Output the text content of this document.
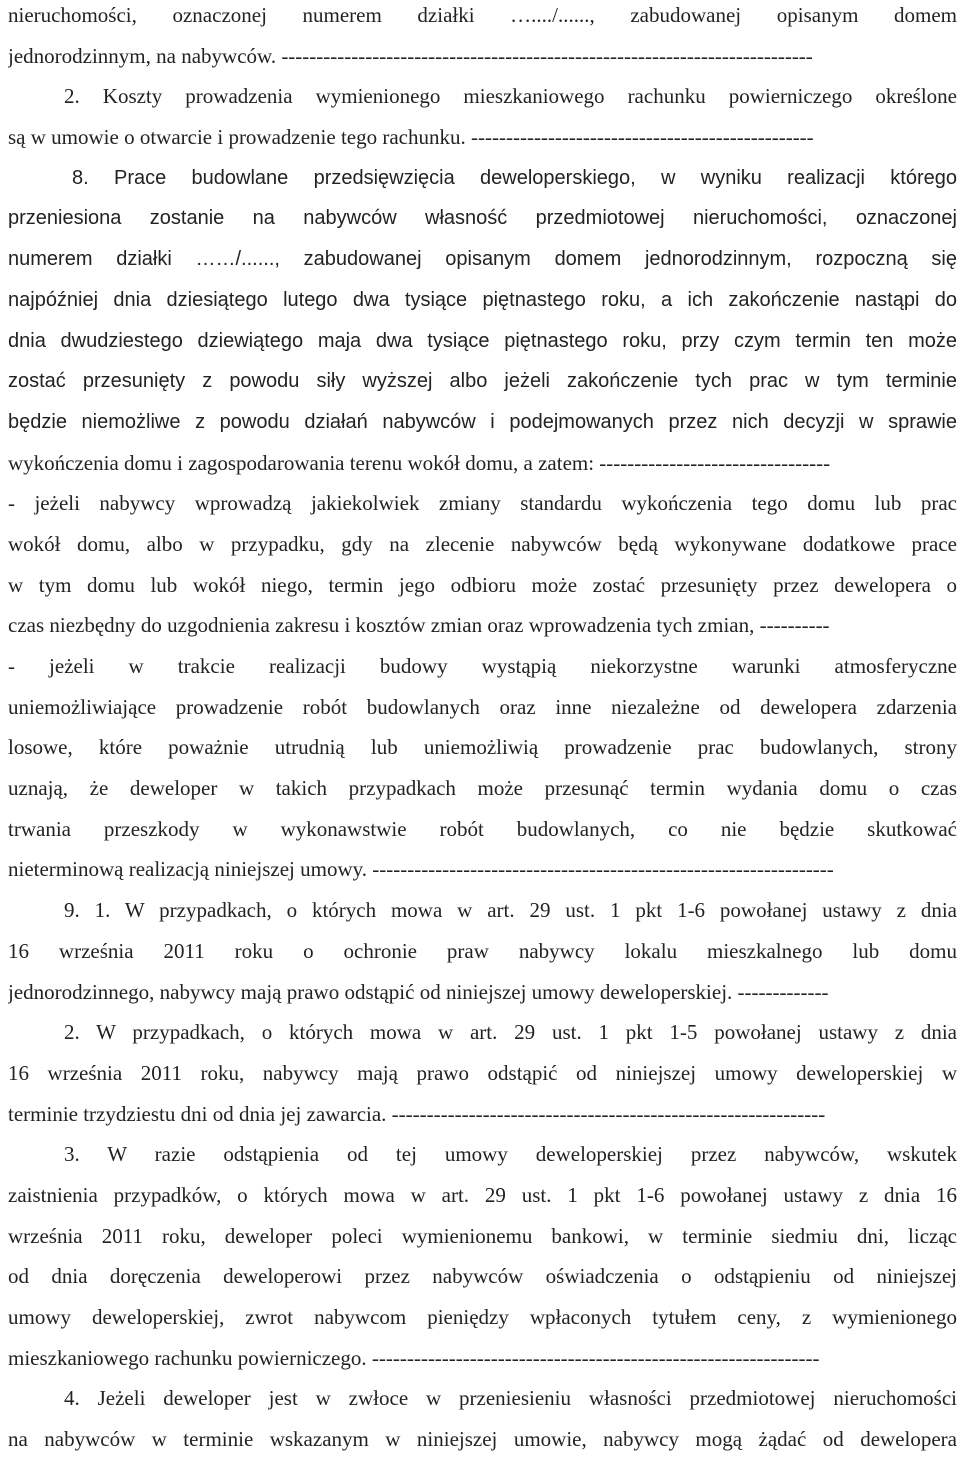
nieruchomości, oznaczonej numerem działki …..../......, zabudowanej opisanym domem
jednorodzinnym, na nabywców. ----------------------------------------------------------------------------
2. Koszty prowadzenia wymienionego mieszkaniowego rachunku powierniczego określone
są w umowie o otwarcie i prowadzenie tego rachunku. -------------------------------------------------
8. Prace budowlane przedsięwzięcia deweloperskiego, w wyniku realizacji którego
przeniesiona zostanie na nabywców własność przedmiotowej nieruchomości, oznaczonej
numerem działki ……/......, zabudowanej opisanym domem jednorodzinnym, rozpoczną się
najpóźniej dnia dziesiątego lutego dwa tysiące piętnastego roku, a ich zakończenie nastąpi do
dnia dwudziestego dziewiątego maja dwa tysiące piętnastego roku, przy czym termin ten może
zostać przesunięty z powodu siły wyższej albo jeżeli zakończenie tych prac w tym terminie
będzie niemożliwe z powodu działań nabywców i podejmowanych przez nich decyzji w sprawie
wykończenia domu i zagospodarowania terenu wokół domu, a zatem: ---------------------------------
- jeżeli nabywcy wprowadzą jakiekolwiek zmiany standardu wykończenia tego domu lub prac
wokół domu, albo w przypadku, gdy na zlecenie nabywców będą wykonywane dodatkowe prace
w tym domu lub wokół niego, termin jego odbioru może zostać przesunięty przez dewelopera o
czas niezbędny do uzgodnienia zakresu i kosztów zmian oraz wprowadzenia tych zmian, ----------
- jeżeli w trakcie realizacji budowy wystąpią niekorzystne warunki atmosferyczne
uniemożliwiające prowadzenie robót budowlanych oraz inne niezależne od dewelopera zdarzenia
losowe, które poważnie utrudnią lub uniemożliwią prowadzenie prac budowlanych, strony
uznają, że deweloper w takich przypadkach może przesunąć termin wydania domu o czas
trwania przeszkody w wykonawstwie robót budowlanych, co nie będzie skutkować
nieterminową realizacją niniejszej umowy. ------------------------------------------------------------------
9. 1. W przypadkach, o których mowa w art. 29 ust. 1 pkt 1-6 powołanej ustawy z dnia
16 września 2011 roku o ochronie praw nabywcy lokalu mieszkalnego lub domu
jednorodzinnego, nabywcy mają prawo odstąpić od niniejszej umowy deweloperskiej. -------------
2. W przypadkach, o których mowa w art. 29 ust. 1 pkt 1-5 powołanej ustawy z dnia
16 września 2011 roku, nabywcy mają prawo odstąpić od niniejszej umowy deweloperskiej w
terminie trzydziestu dni od dnia jej zawarcia. --------------------------------------------------------------
3. W razie odstąpienia od tej umowy deweloperskiej przez nabywców, wskutek
zaistnienia przypadków, o których mowa w art. 29 ust. 1 pkt 1-6 powołanej ustawy z dnia 16
września 2011 roku, deweloper poleci wymienionemu bankowi, w terminie siedmiu dni, licząc
od dnia doręczenia deweloperowi przez nabywców oświadczenia o odstąpieniu od niniejszej
umowy deweloperskiej, zwrot nabywcom pieniędzy wpłaconych tytułem ceny, z wymienionego
mieszkaniowego rachunku powierniczego. ----------------------------------------------------------------
4. Jeżeli deweloper jest w zwłoce w przeniesieniu własności przedmiotowej nieruchomości
na nabywców w terminie wskazanym w niniejszej umowie, nabywcy mogą żądać od dewelopera
